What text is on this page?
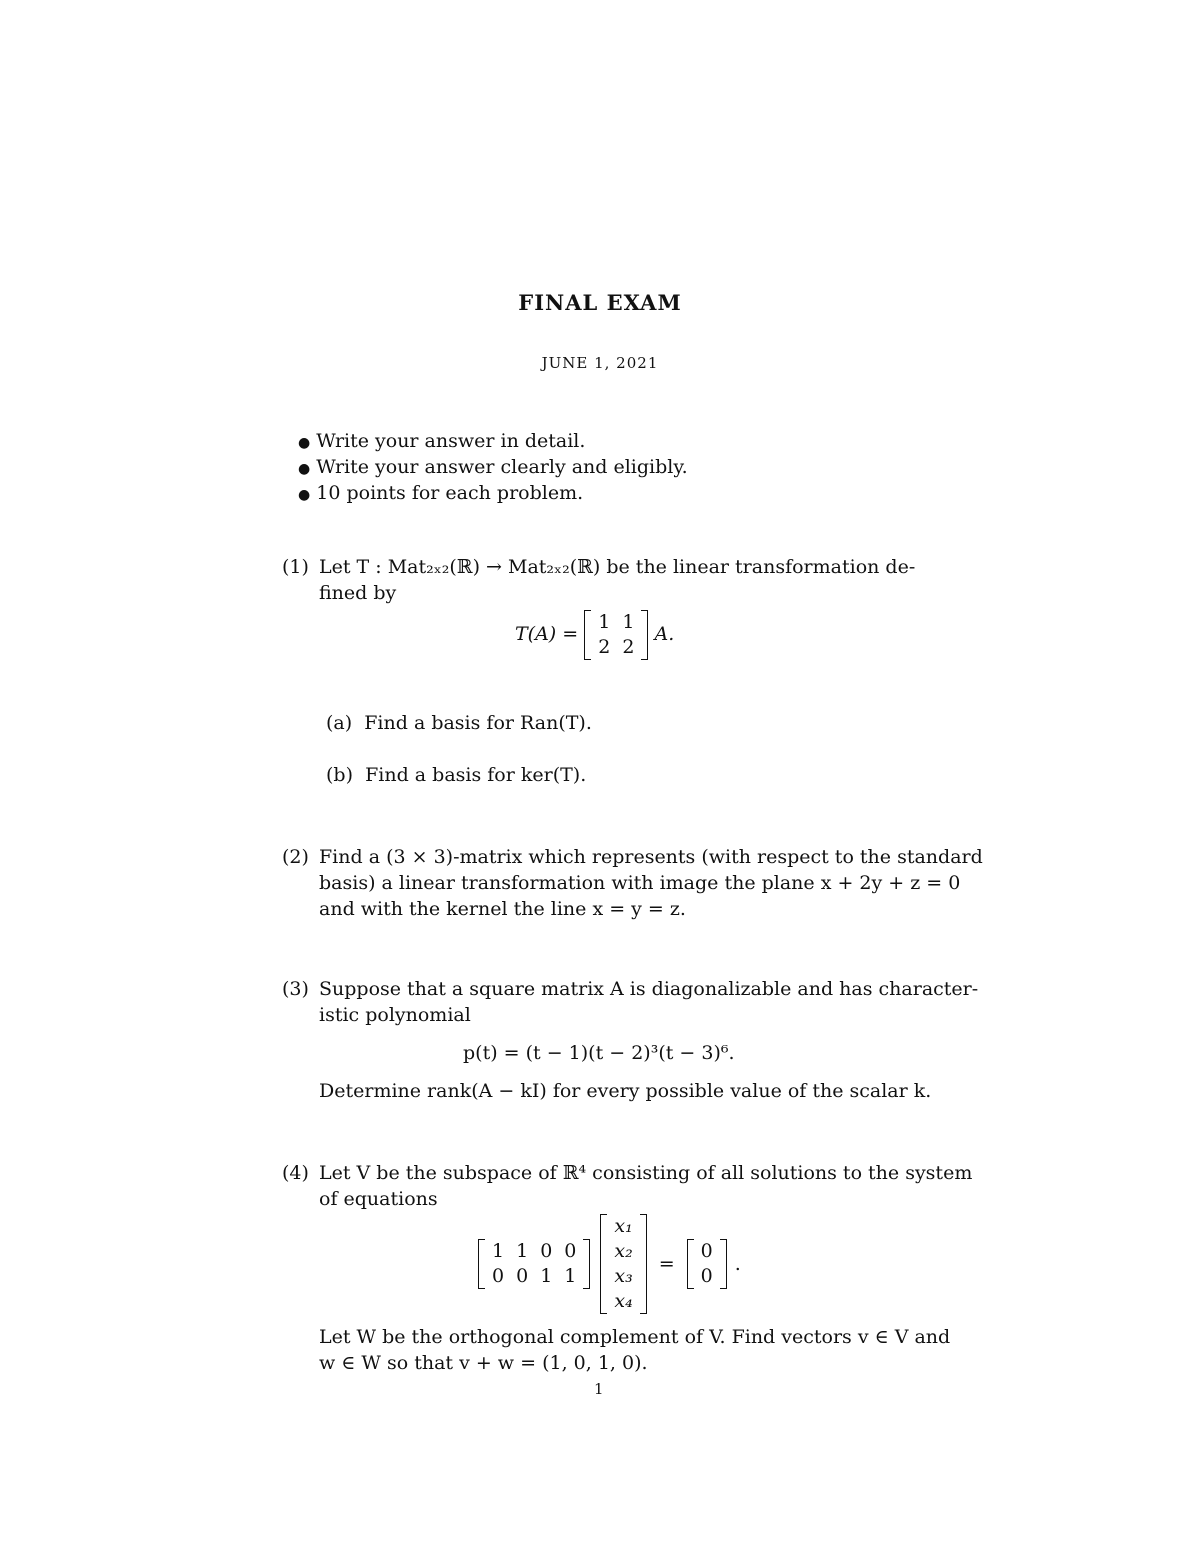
FINAL EXAM
JUNE 1, 2021
● Write your answer in detail.
● Write your answer clearly and eligibly.
● 10 points for each problem.
(1) Let T : Mat₂ₓ₂(ℝ) → Mat₂ₓ₂(ℝ) be the linear transformation de-
fined by
T(A) =
1	1
2	2
A.
(a) Find a basis for Ran(T).
(b) Find a basis for ker(T).
(2) Find a (3 × 3)-matrix which represents (with respect to the standard
basis) a linear transformation with image the plane x + 2y + z = 0
and with the kernel the line x = y = z.
(3) Suppose that a square matrix A is diagonalizable and has character-
istic polynomial
p(t) = (t − 1)(t − 2)³(t − 3)⁶.
Determine rank(A − kI) for every possible value of the scalar k.
(4) Let V be the subspace of ℝ⁴ consisting of all solutions to the system
of equations
1	1	0	0
0	0	1	1
x₁
x₂
x₃
x₄
=
0
0
.
Let W be the orthogonal complement of V. Find vectors v ∈ V and
w ∈ W so that v + w = (1, 0, 1, 0).
1
